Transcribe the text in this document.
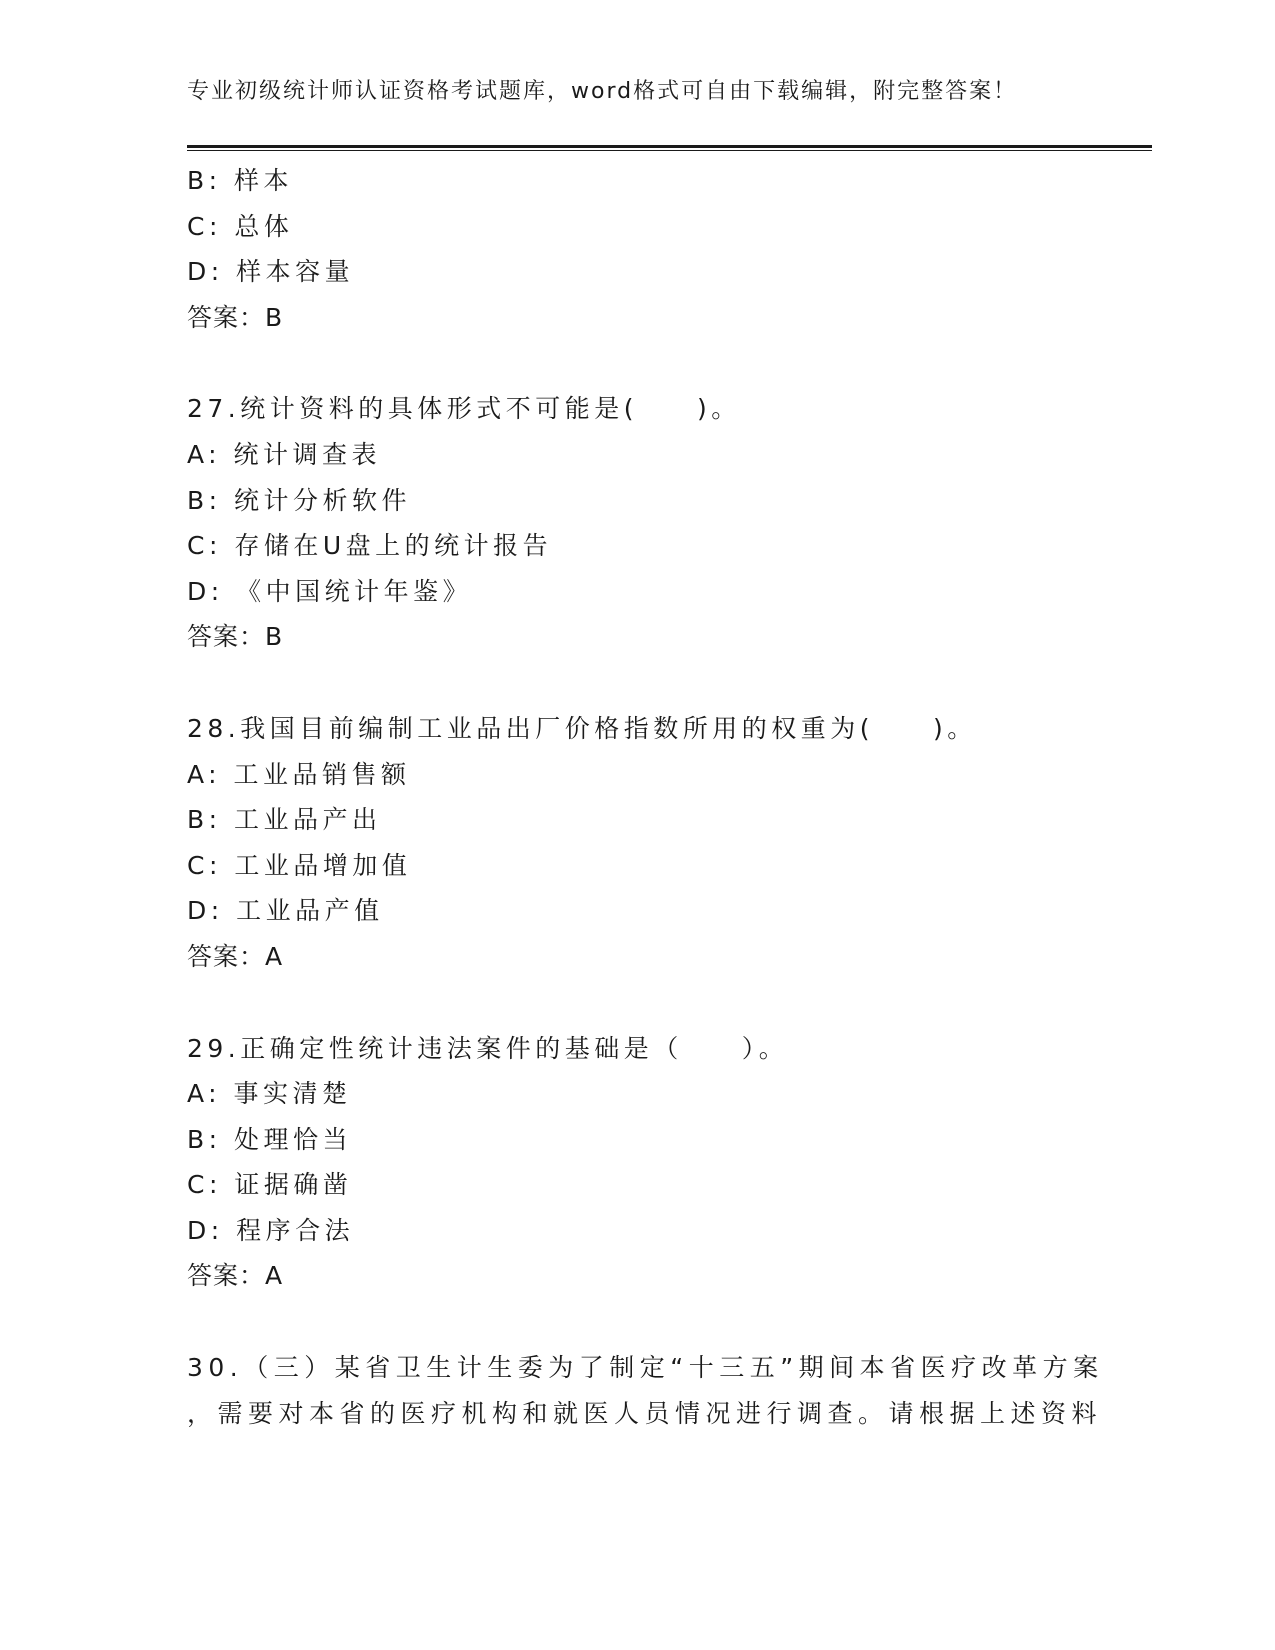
专业初级统计师认证资格考试题库，word格式可自由下载编辑，附完整答案！
B: 样本
C: 总体
D: 样本容量
答案：B
27.统计资料的具体形式不可能是(　　)。
A: 统计调查表
B: 统计分析软件
C: 存储在U盘上的统计报告
D: 《中国统计年鉴》
答案：B
28.我国目前编制工业品出厂价格指数所用的权重为(　　)。
A: 工业品销售额
B: 工业品产出
C: 工业品增加值
D: 工业品产值
答案：A
29.正确定性统计违法案件的基础是（　　）。
A: 事实清楚
B: 处理恰当
C: 证据确凿
D: 程序合法
答案：A
30.（三）某省卫生计生委为了制定“十三五”期间本省医疗改革方案
，需要对本省的医疗机构和就医人员情况进行调查。请根据上述资料
